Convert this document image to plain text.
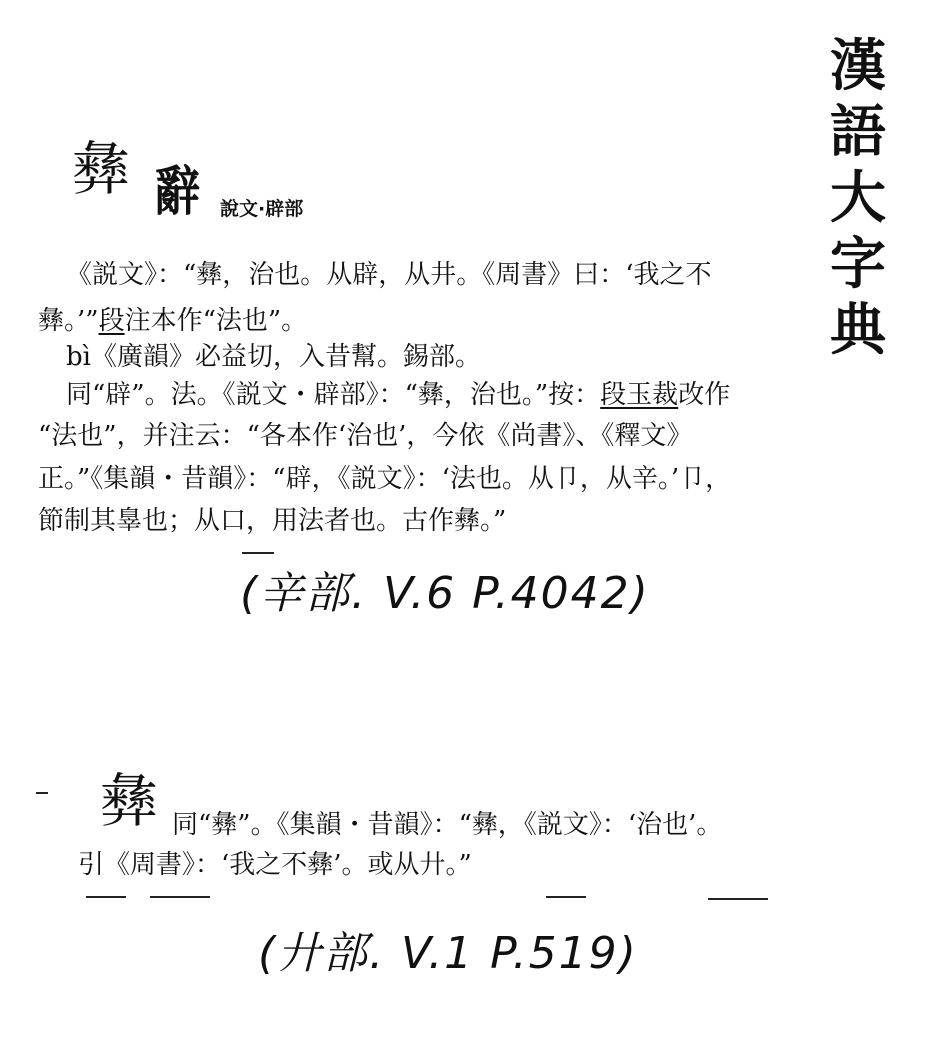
漢
語
大
字
典
彝 辭 說文·辟部
《説文》：“彝，治也。从辟，从井。《周書》曰：‘我之不
彝。’”段注本作“法也”。
bì《廣韻》必益切，入昔幫。錫部。
同“辟”。法。《説文・辟部》：“彝，治也。”按：段玉裁改作
“法也”，并注云：“各本作‘治也’，今依《尚書》、《釋文》
正。”《集韻・昔韻》：“辟，《説文》：‘法也。从卩，从辛。’卩，
節制其辠也；从口，用法者也。古作彝。”
(辛部. V.6 P.4042)
彝 同“彝”。《集韻・昔韻》：“彝，《説文》：‘治也’。
引《周書》：‘我之不彝’。或从廾。”
(廾部. V.1 P.519)
